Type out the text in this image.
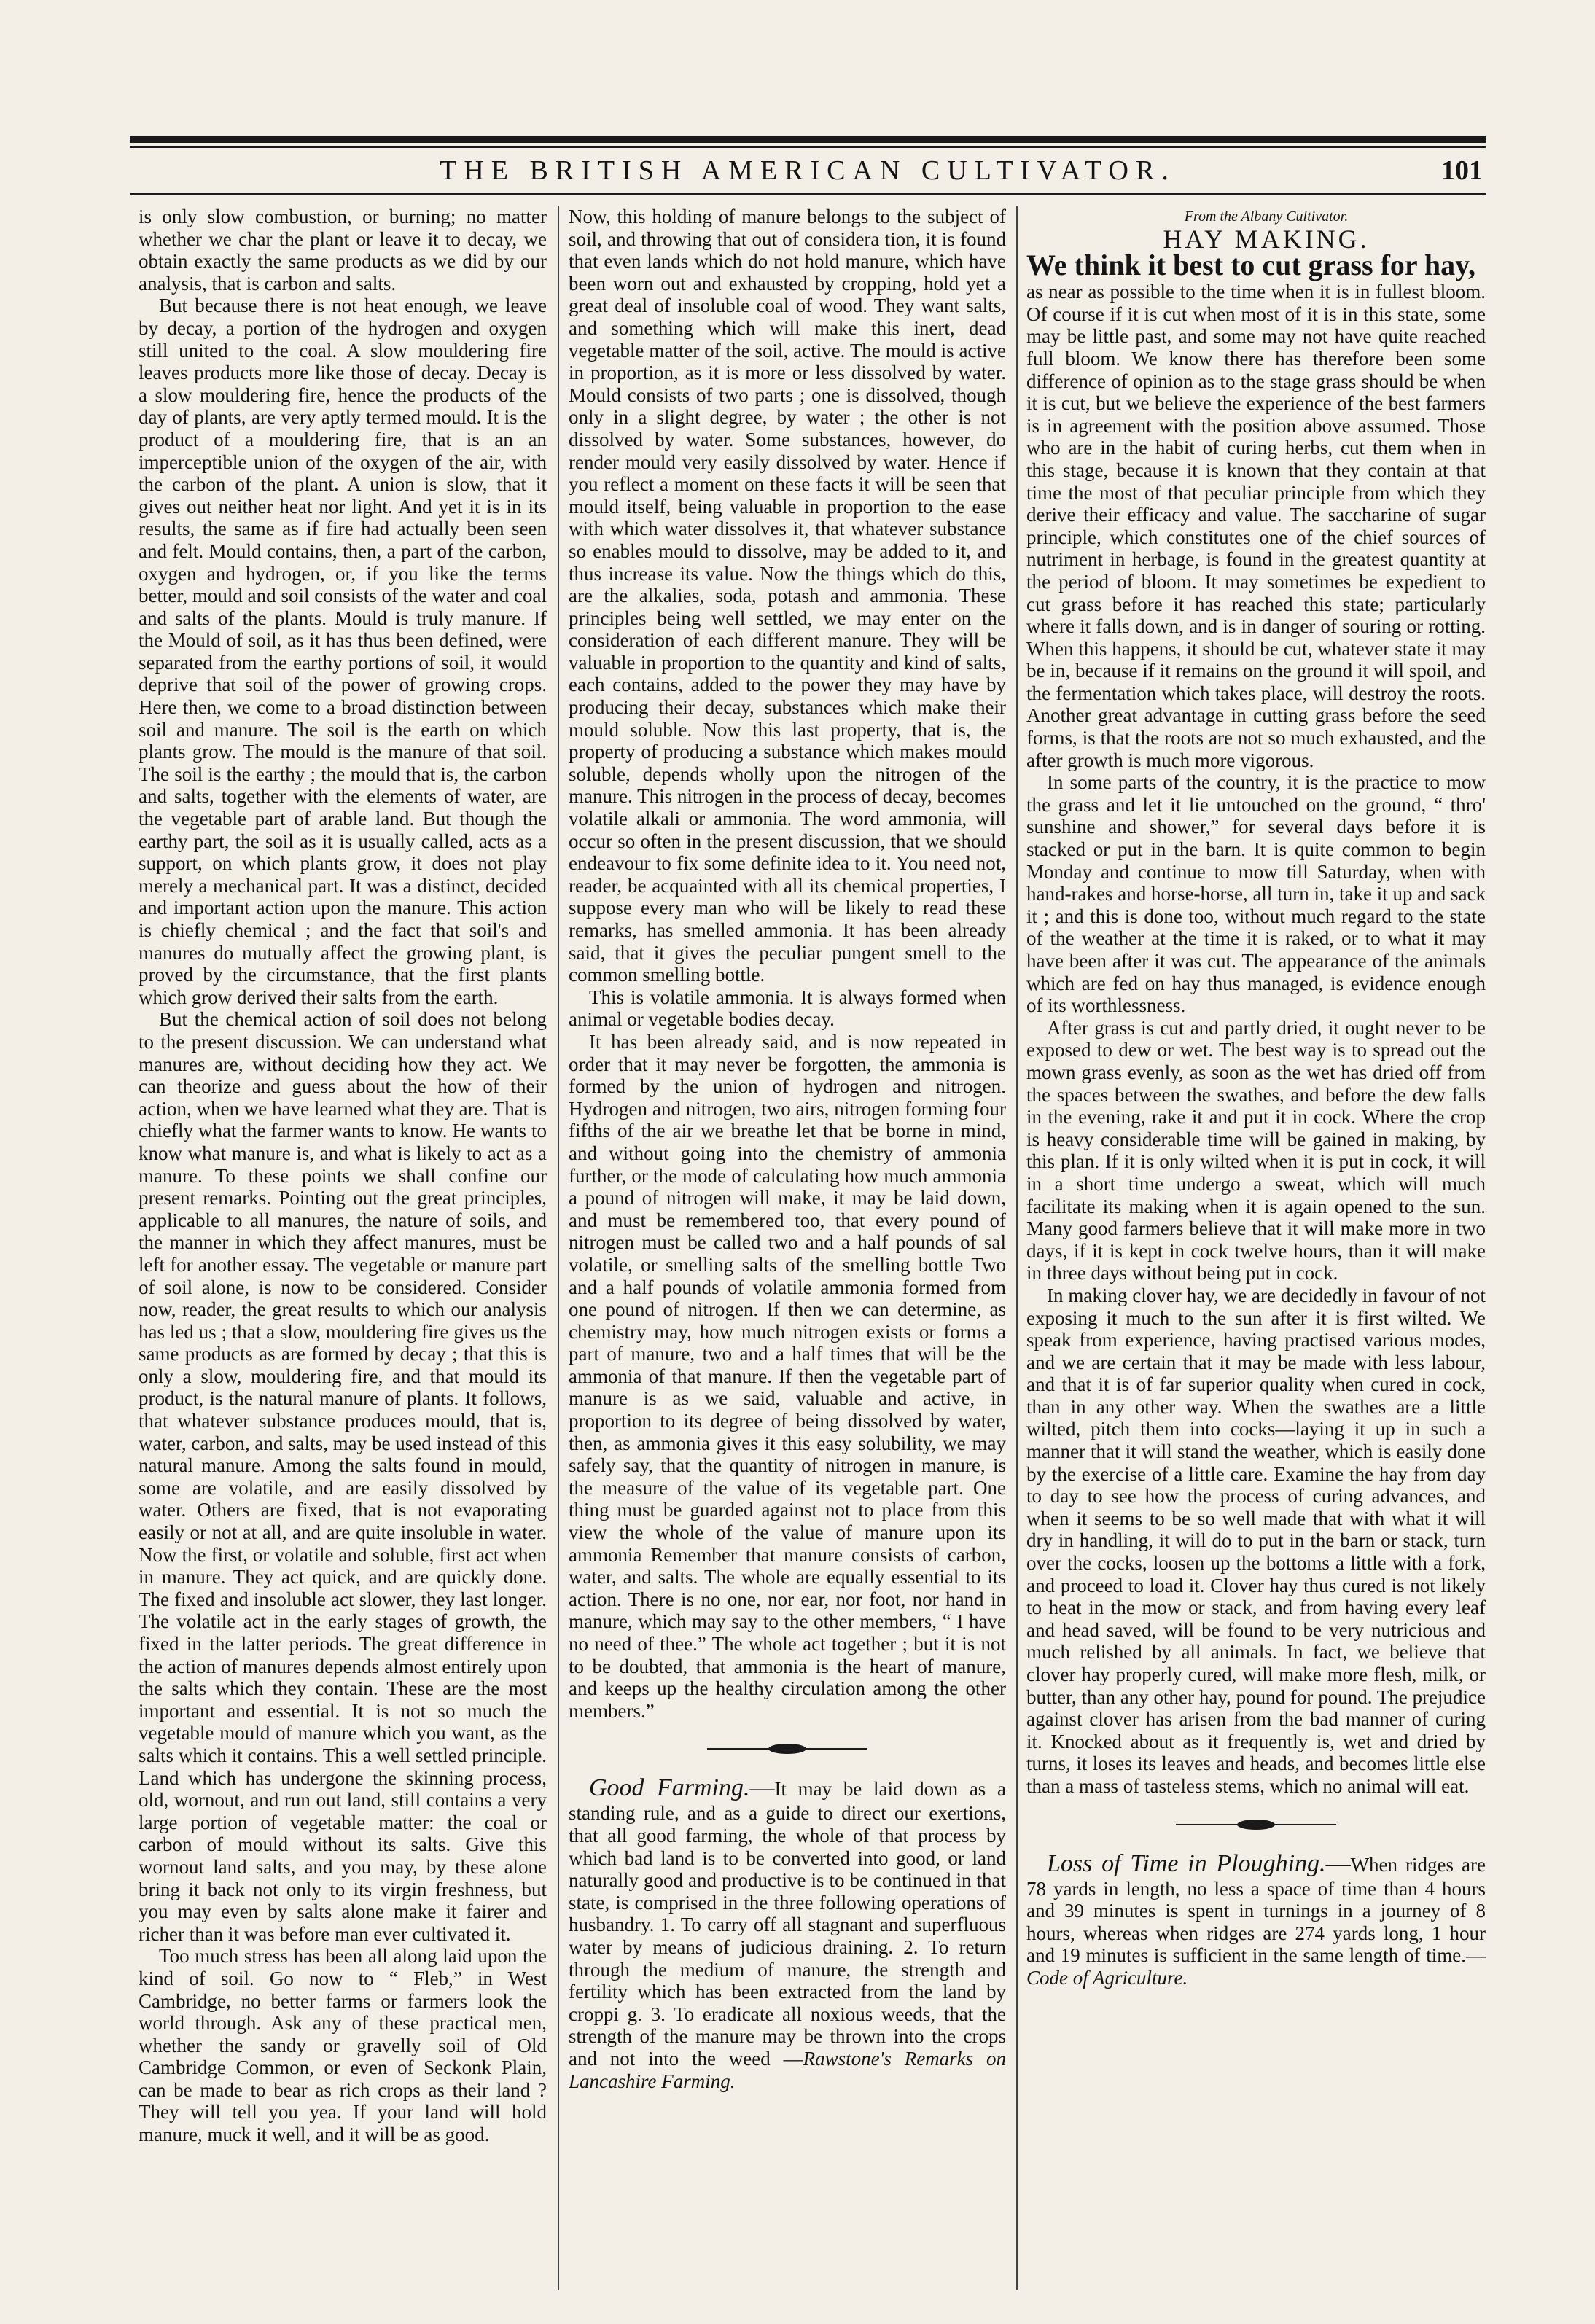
THE BRITISH AMERICAN CULTIVATOR.	101

is only slow combustion, or burning; no matter whether we char the plant or leave it to decay, we obtain exactly the same products as we did by our analysis, that is carbon and salts.

But because there is not heat enough, we leave by decay, a portion of the hydrogen and oxygen still united to the coal. A slow mouldering fire leaves products more like those of decay. Decay is a slow mouldering fire, hence the products of the day of plants, are very aptly termed mould. It is the product of a mouldering fire, that is an an imperceptible union of the oxygen of the air, with the carbon of the plant. A union is slow, that it gives out neither heat nor light. And yet it is in its results, the same as if fire had actually been seen and felt. Mould contains, then, a part of the carbon, oxygen and hydrogen, or, if you like the terms better, mould and soil consists of the water and coal and salts of the plants. Mould is truly manure. If the Mould of soil, as it has thus been defined, were separated from the earthy portions of soil, it would deprive that soil of the power of growing crops. Here then, we come to a broad distinction between soil and manure. The soil is the earth on which plants grow. The mould is the manure of that soil. The soil is the earthy ; the mould that is, the carbon and salts, together with the elements of water, are the vegetable part of arable land. But though the earthy part, the soil as it is usually called, acts as a support, on which plants grow, it does not play merely a mechanical part. It was a distinct, decided and important action upon the manure. This action is chiefly chemical ; and the fact that soil's and manures do mutually affect the growing plant, is proved by the circumstance, that the first plants which grow derived their salts from the earth.

But the chemical action of soil does not belong to the present discussion. We can understand what manures are, without deciding how they act. We can theorize and guess about the how of their action, when we have learned what they are. That is chiefly what the farmer wants to know. He wants to know what manure is, and what is likely to act as a manure. To these points we shall confine our present remarks. Pointing out the great principles, applicable to all manures, the nature of soils, and the manner in which they affect manures, must be left for another essay. The vegetable or manure part of soil alone, is now to be considered. Consider now, reader, the great results to which our analysis has led us ; that a slow, mouldering fire gives us the same products as are formed by decay ; that this is only a slow, mouldering fire, and that mould its product, is the natural manure of plants. It follows, that whatever substance produces mould, that is, water, carbon, and salts, may be used instead of this natural manure. Among the salts found in mould, some are volatile, and are easily dissolved by water. Others are fixed, that is not evaporating easily or not at all, and are quite insoluble in water. Now the first, or volatile and soluble, first act when in manure. They act quick, and are quickly done. The fixed and insoluble act slower, they last longer. The volatile act in the early stages of growth, the fixed in the latter periods. The great difference in the action of manures depends almost entirely upon the salts which they contain. These are the most important and essential. It is not so much the vegetable mould of manure which you want, as the salts which it contains. This a well settled principle. Land which has undergone the skinning process, old, wornout, and run out land, still contains a very large portion of vegetable matter: the coal or carbon of mould without its salts. Give this wornout land salts, and you may, by these alone bring it back not only to its virgin freshness, but you may even by salts alone make it fairer and richer than it was before man ever cultivated it.

Too much stress has been all along laid upon the kind of soil. Go now to “ Fleb,” in West Cambridge, no better farms or farmers look the world through. Ask any of these practical men, whether the sandy or gravelly soil of Old Cambridge Common, or even of Seckonk Plain, can be made to bear as rich crops as their land ? They will tell you yea. If your land will hold manure, muck it well, and it will be as good.

Now, this holding of manure belongs to the subject of soil, and throwing that out of considera tion, it is found that even lands which do not hold manure, which have been worn out and exhausted by cropping, hold yet a great deal of insoluble coal of wood. They want salts, and something which will make this inert, dead vegetable matter of the soil, active. The mould is active in proportion, as it is more or less dissolved by water. Mould consists of two parts ; one is dissolved, though only in a slight degree, by water ; the other is not dissolved by water. Some substances, however, do render mould very easily dissolved by water. Hence if you reflect a moment on these facts it will be seen that mould itself, being valuable in proportion to the ease with which water dissolves it, that whatever substance so enables mould to dissolve, may be added to it, and thus increase its value. Now the things which do this, are the alkalies, soda, potash and ammonia. These principles being well settled, we may enter on the consideration of each different manure. They will be valuable in proportion to the quantity and kind of salts, each contains, added to the power they may have by producing their decay, substances which make their mould soluble. Now this last property, that is, the property of producing a substance which makes mould soluble, depends wholly upon the nitrogen of the manure. This nitrogen in the process of decay, becomes volatile alkali or ammonia. The word ammonia, will occur so often in the present discussion, that we should endeavour to fix some definite idea to it. You need not, reader, be acquainted with all its chemical properties, I suppose every man who will be likely to read these remarks, has smelled ammonia. It has been already said, that it gives the peculiar pungent smell to the common smelling bottle.

This is volatile ammonia. It is always formed when animal or vegetable bodies decay.

It has been already said, and is now repeated in order that it may never be forgotten, the ammonia is formed by the union of hydrogen and nitrogen. Hydrogen and nitrogen, two airs, nitrogen forming four fifths of the air we breathe let that be borne in mind, and without going into the chemistry of ammonia further, or the mode of calculating how much ammonia a pound of nitrogen will make, it may be laid down, and must be remembered too, that every pound of nitrogen must be called two and a half pounds of sal volatile, or smelling salts of the smelling bottle Two and a half pounds of volatile ammonia formed from one pound of nitrogen. If then we can determine, as chemistry may, how much nitrogen exists or forms a part of manure, two and a half times that will be the ammonia of that manure. If then the vegetable part of manure is as we said, valuable and active, in proportion to its degree of being dissolved by water, then, as ammonia gives it this easy solubility, we may safely say, that the quantity of nitrogen in manure, is the measure of the value of its vegetable part. One thing must be guarded against not to place from this view the whole of the value of manure upon its ammonia Remember that manure consists of carbon, water, and salts. The whole are equally essential to its action. There is no one, nor ear, nor foot, nor hand in manure, which may say to the other members, “ I have no need of thee.” The whole act together ; but it is not to be doubted, that ammonia is the heart of manure, and keeps up the healthy circulation among the other members.”

Good Farming.—It may be laid down as a standing rule, and as a guide to direct our exertions, that all good farming, the whole of that process by which bad land is to be converted into good, or land naturally good and productive is to be continued in that state, is comprised in the three following operations of husbandry. 1. To carry off all stagnant and superfluous water by means of judicious draining. 2. To return through the medium of manure, the strength and fertility which has been extracted from the land by croppi g. 3. To eradicate all noxious weeds, that the strength of the manure may be thrown into the crops and not into the weed —Rawstone's Remarks on Lancashire Farming.

From the Albany Cultivator.

HAY MAKING.

We think it best to cut grass for hay,

as near as possible to the time when it is in fullest bloom. Of course if it is cut when most of it is in this state, some may be little past, and some may not have quite reached full bloom. We know there has therefore been some difference of opinion as to the stage grass should be when it is cut, but we believe the experience of the best farmers is in agreement with the position above assumed. Those who are in the habit of curing herbs, cut them when in this stage, because it is known that they contain at that time the most of that peculiar principle from which they derive their efficacy and value. The saccharine of sugar principle, which constitutes one of the chief sources of nutriment in herbage, is found in the greatest quantity at the period of bloom. It may sometimes be expedient to cut grass before it has reached this state; particularly where it falls down, and is in danger of souring or rotting. When this happens, it should be cut, whatever state it may be in, because if it remains on the ground it will spoil, and the fermentation which takes place, will destroy the roots. Another great advantage in cutting grass before the seed forms, is that the roots are not so much exhausted, and the after growth is much more vigorous.

In some parts of the country, it is the practice to mow the grass and let it lie untouched on the ground, “ thro' sunshine and shower,” for several days before it is stacked or put in the barn. It is quite common to begin Monday and continue to mow till Saturday, when with hand-rakes and horse-horse, all turn in, take it up and sack it ; and this is done too, without much regard to the state of the weather at the time it is raked, or to what it may have been after it was cut. The appearance of the animals which are fed on hay thus managed, is evidence enough of its worthlessness.

After grass is cut and partly dried, it ought never to be exposed to dew or wet. The best way is to spread out the mown grass evenly, as soon as the wet has dried off from the spaces between the swathes, and before the dew falls in the evening, rake it and put it in cock. Where the crop is heavy considerable time will be gained in making, by this plan. If it is only wilted when it is put in cock, it will in a short time undergo a sweat, which will much facilitate its making when it is again opened to the sun. Many good farmers believe that it will make more in two days, if it is kept in cock twelve hours, than it will make in three days without being put in cock.

In making clover hay, we are decidedly in favour of not exposing it much to the sun after it is first wilted. We speak from experience, having practised various modes, and we are certain that it may be made with less labour, and that it is of far superior quality when cured in cock, than in any other way. When the swathes are a little wilted, pitch them into cocks—laying it up in such a manner that it will stand the weather, which is easily done by the exercise of a little care. Examine the hay from day to day to see how the process of curing advances, and when it seems to be so well made that with what it will dry in handling, it will do to put in the barn or stack, turn over the cocks, loosen up the bottoms a little with a fork, and proceed to load it. Clover hay thus cured is not likely to heat in the mow or stack, and from having every leaf and head saved, will be found to be very nutricious and much relished by all animals. In fact, we believe that clover hay properly cured, will make more flesh, milk, or butter, than any other hay, pound for pound. The prejudice against clover has arisen from the bad manner of curing it. Knocked about as it frequently is, wet and dried by turns, it loses its leaves and heads, and becomes little else than a mass of tasteless stems, which no animal will eat.

Loss of Time in Ploughing.—When ridges are 78 yards in length, no less a space of time than 4 hours and 39 minutes is spent in turnings in a journey of 8 hours, whereas when ridges are 274 yards long, 1 hour and 19 minutes is sufficient in the same length of time.—Code of Agriculture.
